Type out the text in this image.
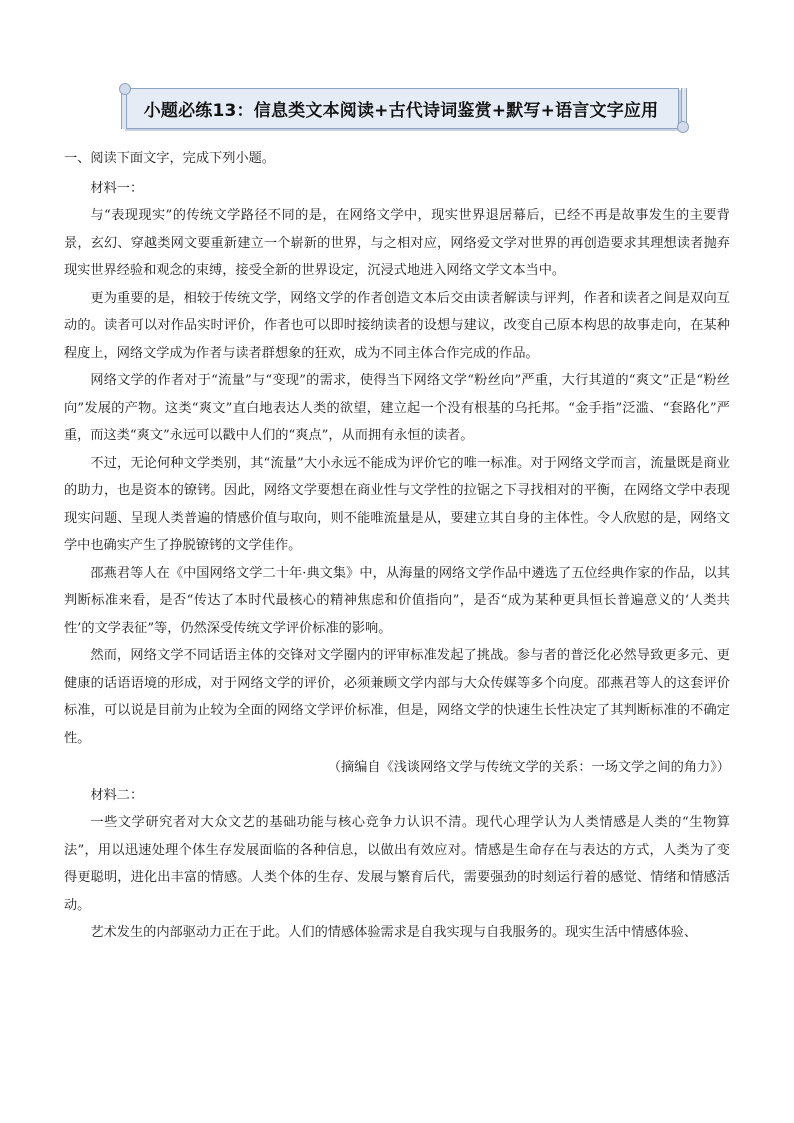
小题必练13：信息类文本阅读+古代诗词鉴赏+默写+语言文字应用

一、阅读下面文字，完成下列小题。

材料一：

与“表现现实”的传统文学路径不同的是，在网络文学中，现实世界退居幕后，已经不再是故事发生的主要背景，玄幻、穿越类网文要重新建立一个崭新的世界，与之相对应，网络爱文学对世界的再创造要求其理想读者抛弃现实世界经验和观念的束缚，接受全新的世界设定，沉浸式地进入网络文学文本当中。

更为重要的是，相较于传统文学，网络文学的作者创造文本后交由读者解读与评判，作者和读者之间是双向互动的。读者可以对作品实时评价，作者也可以即时接纳读者的设想与建议，改变自己原本构思的故事走向，在某种程度上，网络文学成为作者与读者群想象的狂欢，成为不同主体合作完成的作品。

网络文学的作者对于“流量”与“变现”的需求，使得当下网络文学“粉丝向”严重，大行其道的“爽文”正是“粉丝向”发展的产物。这类“爽文”直白地表达人类的欲望，建立起一个没有根基的乌托邦。“金手指”泛滥、“套路化”严重，而这类“爽文”永远可以戳中人们的“爽点”，从而拥有永恒的读者。

不过，无论何种文学类别，其“流量”大小永远不能成为评价它的唯一标准。对于网络文学而言，流量既是商业的助力，也是资本的镣铐。因此，网络文学要想在商业性与文学性的拉锯之下寻找相对的平衡，在网络文学中表现现实问题、呈现人类普遍的情感价值与取向，则不能唯流量是从，要建立其自身的主体性。令人欣慰的是，网络文学中也确实产生了挣脱镣铐的文学佳作。

邵燕君等人在《中国网络文学二十年·典文集》中，从海量的网络文学作品中遴选了五位经典作家的作品，以其判断标准来看，是否“传达了本时代最核心的精神焦虑和价值指向”，是否“成为某种更具恒长普遍意义的‘人类共性’的文学表征”等，仍然深受传统文学评价标准的影响。

然而，网络文学不同话语主体的交锋对文学圈内的评审标准发起了挑战。参与者的普泛化必然导致更多元、更健康的话语语境的形成，对于网络文学的评价，必须兼顾文学内部与大众传媒等多个向度。邵燕君等人的这套评价标准，可以说是目前为止较为全面的网络文学评价标准，但是，网络文学的快速生长性决定了其判断标准的不确定性。

（摘编自《浅谈网络文学与传统文学的关系：一场文学之间的角力》）

材料二：

一些文学研究者对大众文艺的基础功能与核心竞争力认识不清。现代心理学认为人类情感是人类的“生物算法”，用以迅速处理个体生存发展面临的各种信息，以做出有效应对。情感是生命存在与表达的方式，人类为了变得更聪明，进化出丰富的情感。人类个体的生存、发展与繁育后代，需要强劲的时刻运行着的感觉、情绪和情感活动。

艺术发生的内部驱动力正在于此。人们的情感体验需求是自我实现与自我服务的。现实生活中情感体验、
